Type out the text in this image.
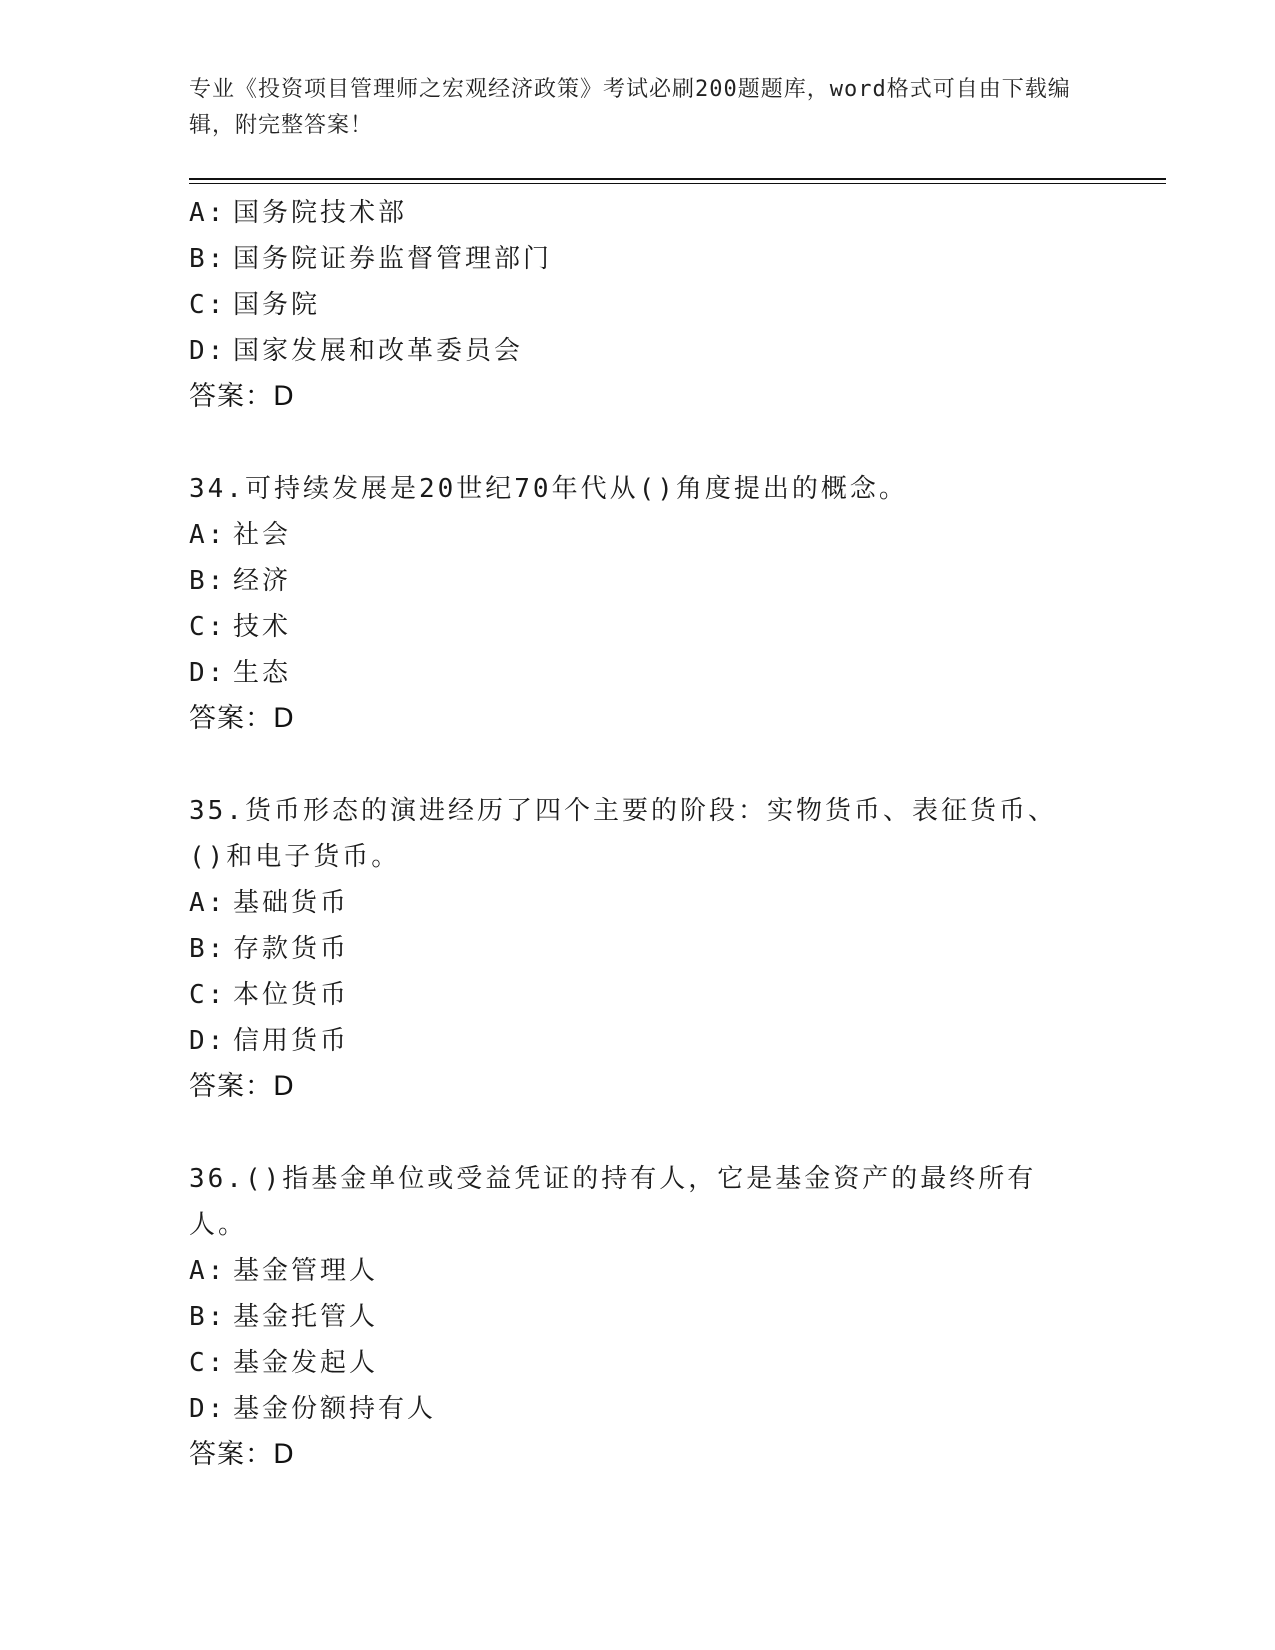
专业《投资项目管理师之宏观经济政策》考试必刷200题题库，word格式可自由下载编辑，附完整答案！
A: 国务院技术部
B: 国务院证券监督管理部门
C: 国务院
D: 国家发展和改革委员会
答案：D
34.可持续发展是20世纪70年代从()角度提出的概念。
A: 社会
B: 经济
C: 技术
D: 生态
答案：D
35.货币形态的演进经历了四个主要的阶段：实物货币、表征货币、()和电子货币。
A: 基础货币
B: 存款货币
C: 本位货币
D: 信用货币
答案：D
36.()指基金单位或受益凭证的持有人，它是基金资产的最终所有人。
A: 基金管理人
B: 基金托管人
C: 基金发起人
D: 基金份额持有人
答案：D
